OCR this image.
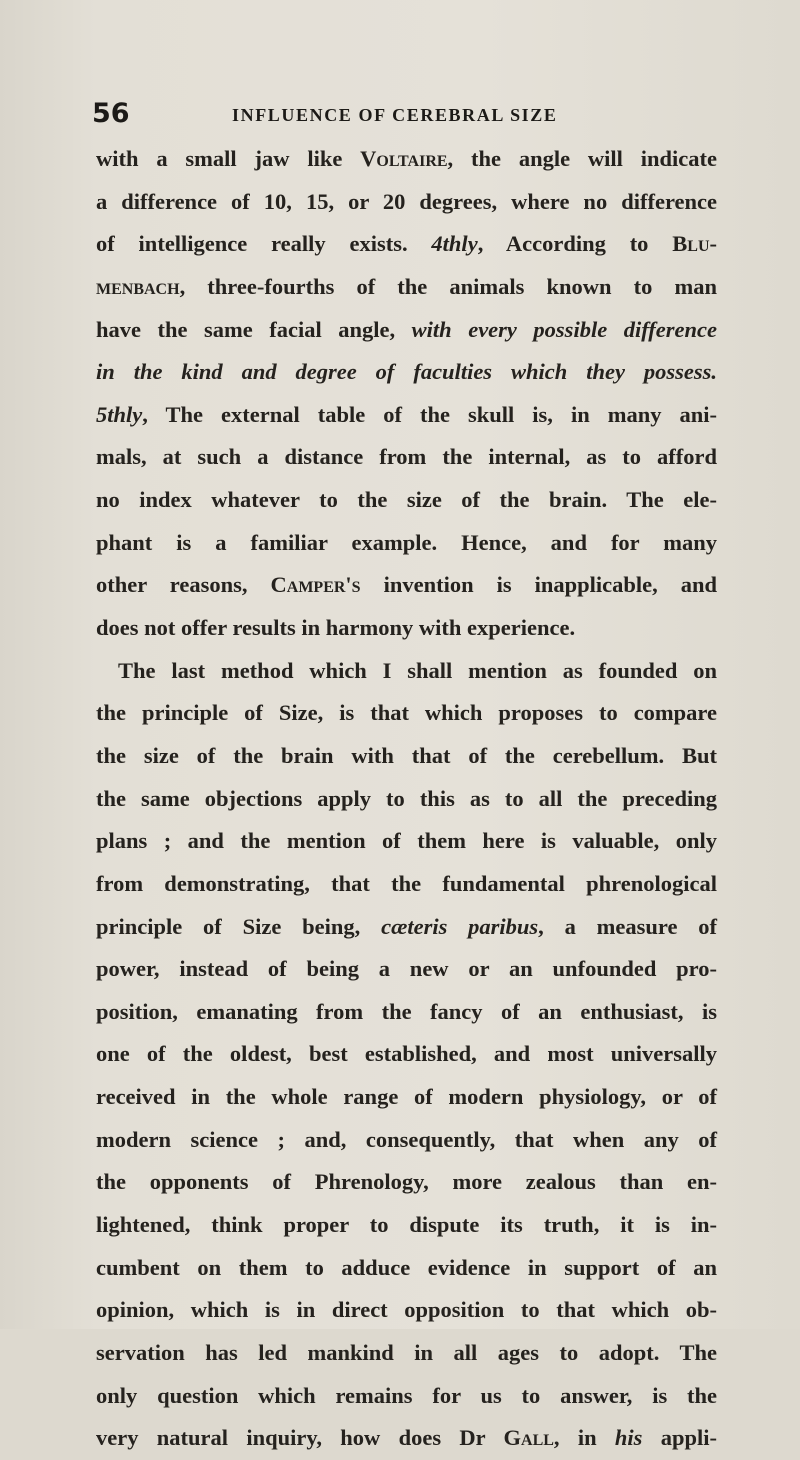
56	INFLUENCE OF CEREBRAL SIZE
with a small jaw like Voltaire, the angle will indicate
a difference of 10, 15, or 20 degrees, where no difference
of intelligence really exists. 4thly, According to Blu-
menbach, three-fourths of the animals known to man
have the same facial angle, with every possible difference
in the kind and degree of faculties which they possess.
5thly, The external table of the skull is, in many ani-
mals, at such a distance from the internal, as to afford
no index whatever to the size of the brain. The ele-
phant is a familiar example. Hence, and for many
other reasons, Camper's invention is inapplicable, and
does not offer results in harmony with experience.
The last method which I shall mention as founded on
the principle of Size, is that which proposes to compare
the size of the brain with that of the cerebellum. But
the same objections apply to this as to all the preceding
plans ; and the mention of them here is valuable, only
from demonstrating, that the fundamental phrenological
principle of Size being, cæteris paribus, a measure of
power, instead of being a new or an unfounded pro-
position, emanating from the fancy of an enthusiast, is
one of the oldest, best established, and most universally
received in the whole range of modern physiology, or of
modern science ; and, consequently, that when any of
the opponents of Phrenology, more zealous than en-
lightened, think proper to dispute its truth, it is in-
cumbent on them to adduce evidence in support of an
opinion, which is in direct opposition to that which ob-
servation has led mankind in all ages to adopt. The
only question which remains for us to answer, is the
very natural inquiry, how does Dr Gall, in his appli-
